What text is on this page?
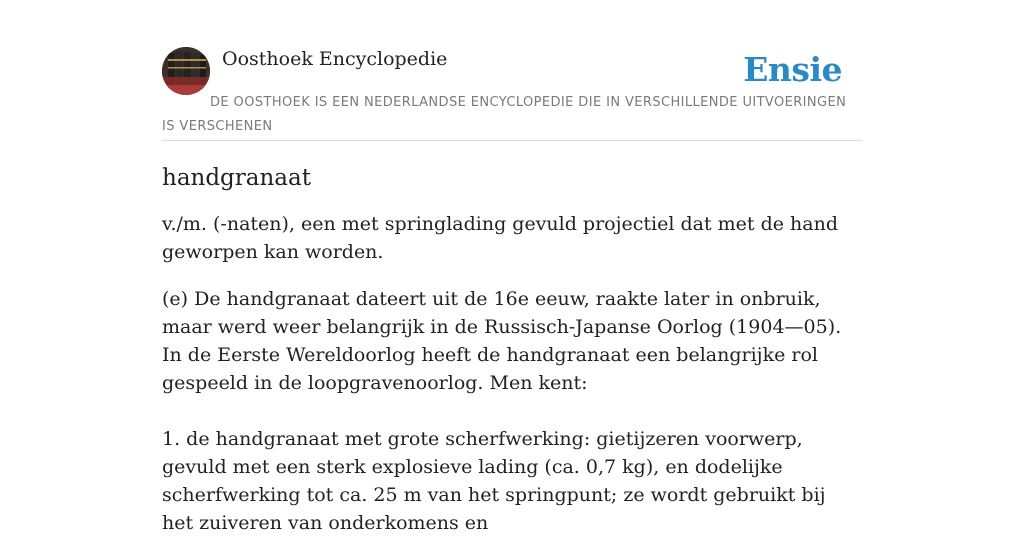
Oosthoek Encyclopedie	Ensie
DE OOSTHOEK IS EEN NEDERLANDSE ENCYCLOPEDIE DIE IN VERSCHILLENDE UITVOERINGEN IS VERSCHENEN
handgranaat

v./m. (-naten), een met springlading gevuld projectiel dat met de hand geworpen kan worden.

(e) De handgranaat dateert uit de 16e eeuw, raakte later in onbruik, maar werd weer belangrijk in de Russisch-Japanse Oorlog (1904—05). In de Eerste Wereldoorlog heeft de handgranaat een belangrijke rol gespeeld in de loopgravenoorlog. Men kent:

1. de handgranaat met grote scherfwerking: gietijzeren voorwerp, gevuld met een sterk explosieve lading (ca. 0,7 kg), en dodelijke scherfwerking tot ca. 25 m van het springpunt; ze wordt gebruikt bij het zuiveren van onderkomens en
